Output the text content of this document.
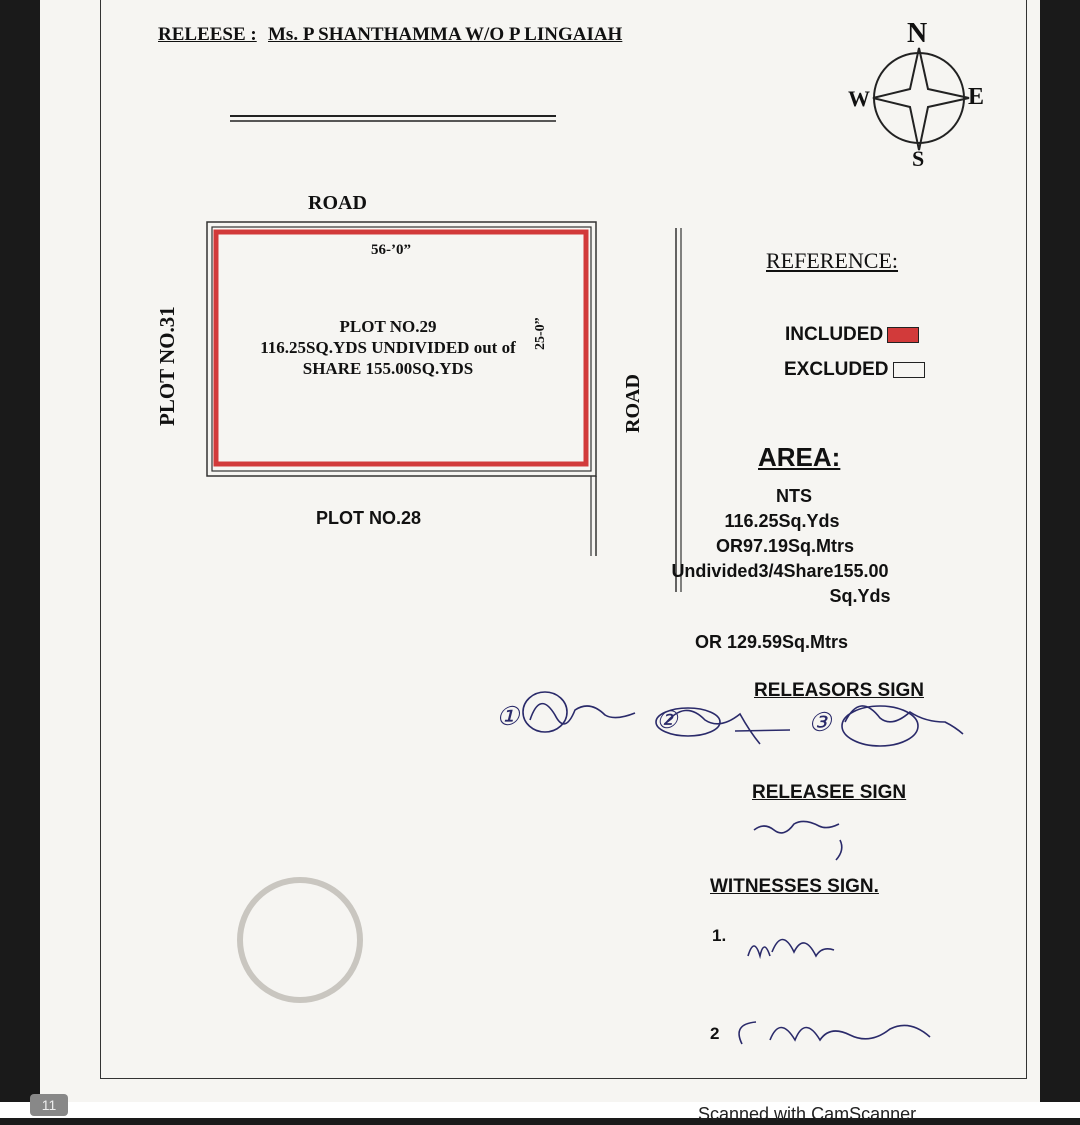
RELEESE : Ms. P SHANTHAMMA W/O P LINGAIAH	N
S
E
W
ROAD
56-’0”
PLOT NO.29
116.25SQ.YDS UNDIVIDED out of
SHARE 155.00SQ.YDS
25-0”
PLOT NO.31	ROAD
PLOT NO.28
REFERENCE:
INCLUDED
EXCLUDED
AREA:
NTS
116.25Sq.Yds
OR97.19Sq.Mtrs
Undivided3/4Share155.00
Sq.Yds
OR 129.59Sq.Mtrs
RELEASORS SIGN
①	②	③
RELEASEE SIGN
WITNESSES SIGN.
1.
2
11	Scanned with CamScanner
